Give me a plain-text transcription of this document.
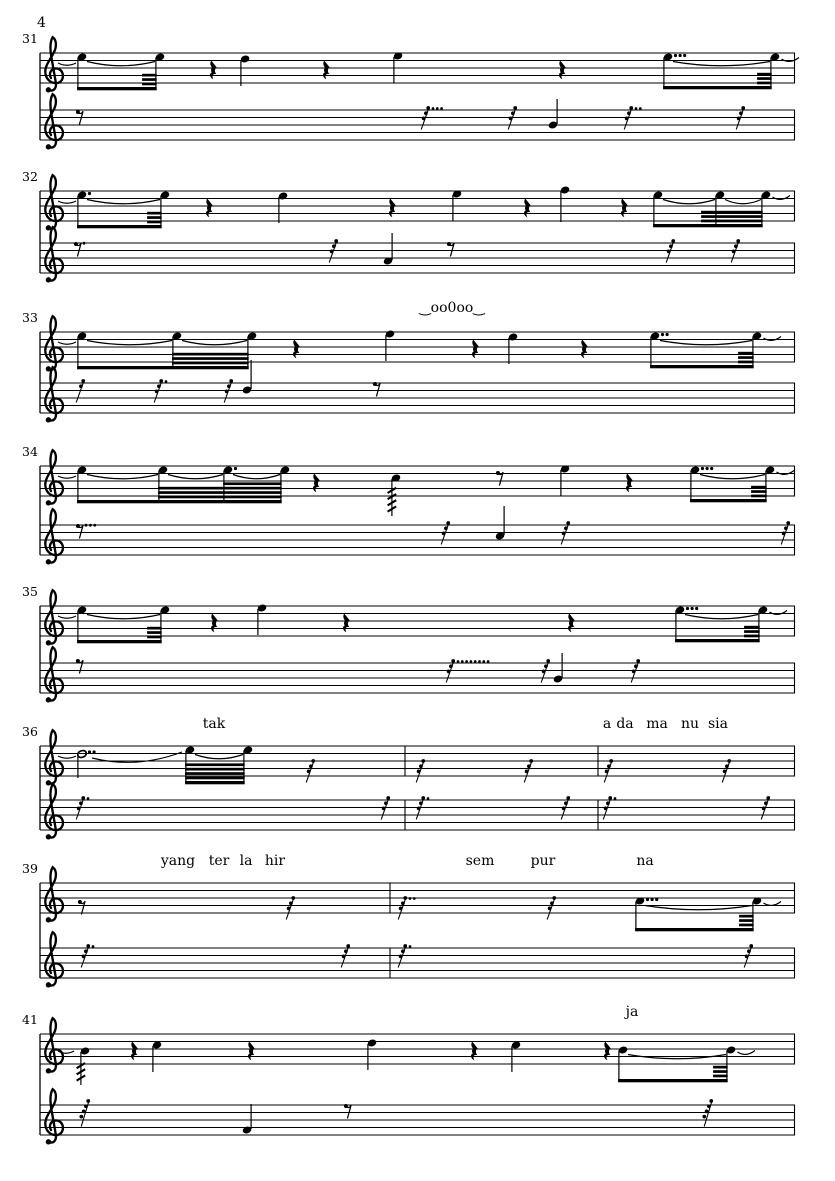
4
31
32
33
‿oo0oo‿
34
35
36	tak	a da ma nu sia
39	yang ter la hir	sem	pur	na
41	ja
